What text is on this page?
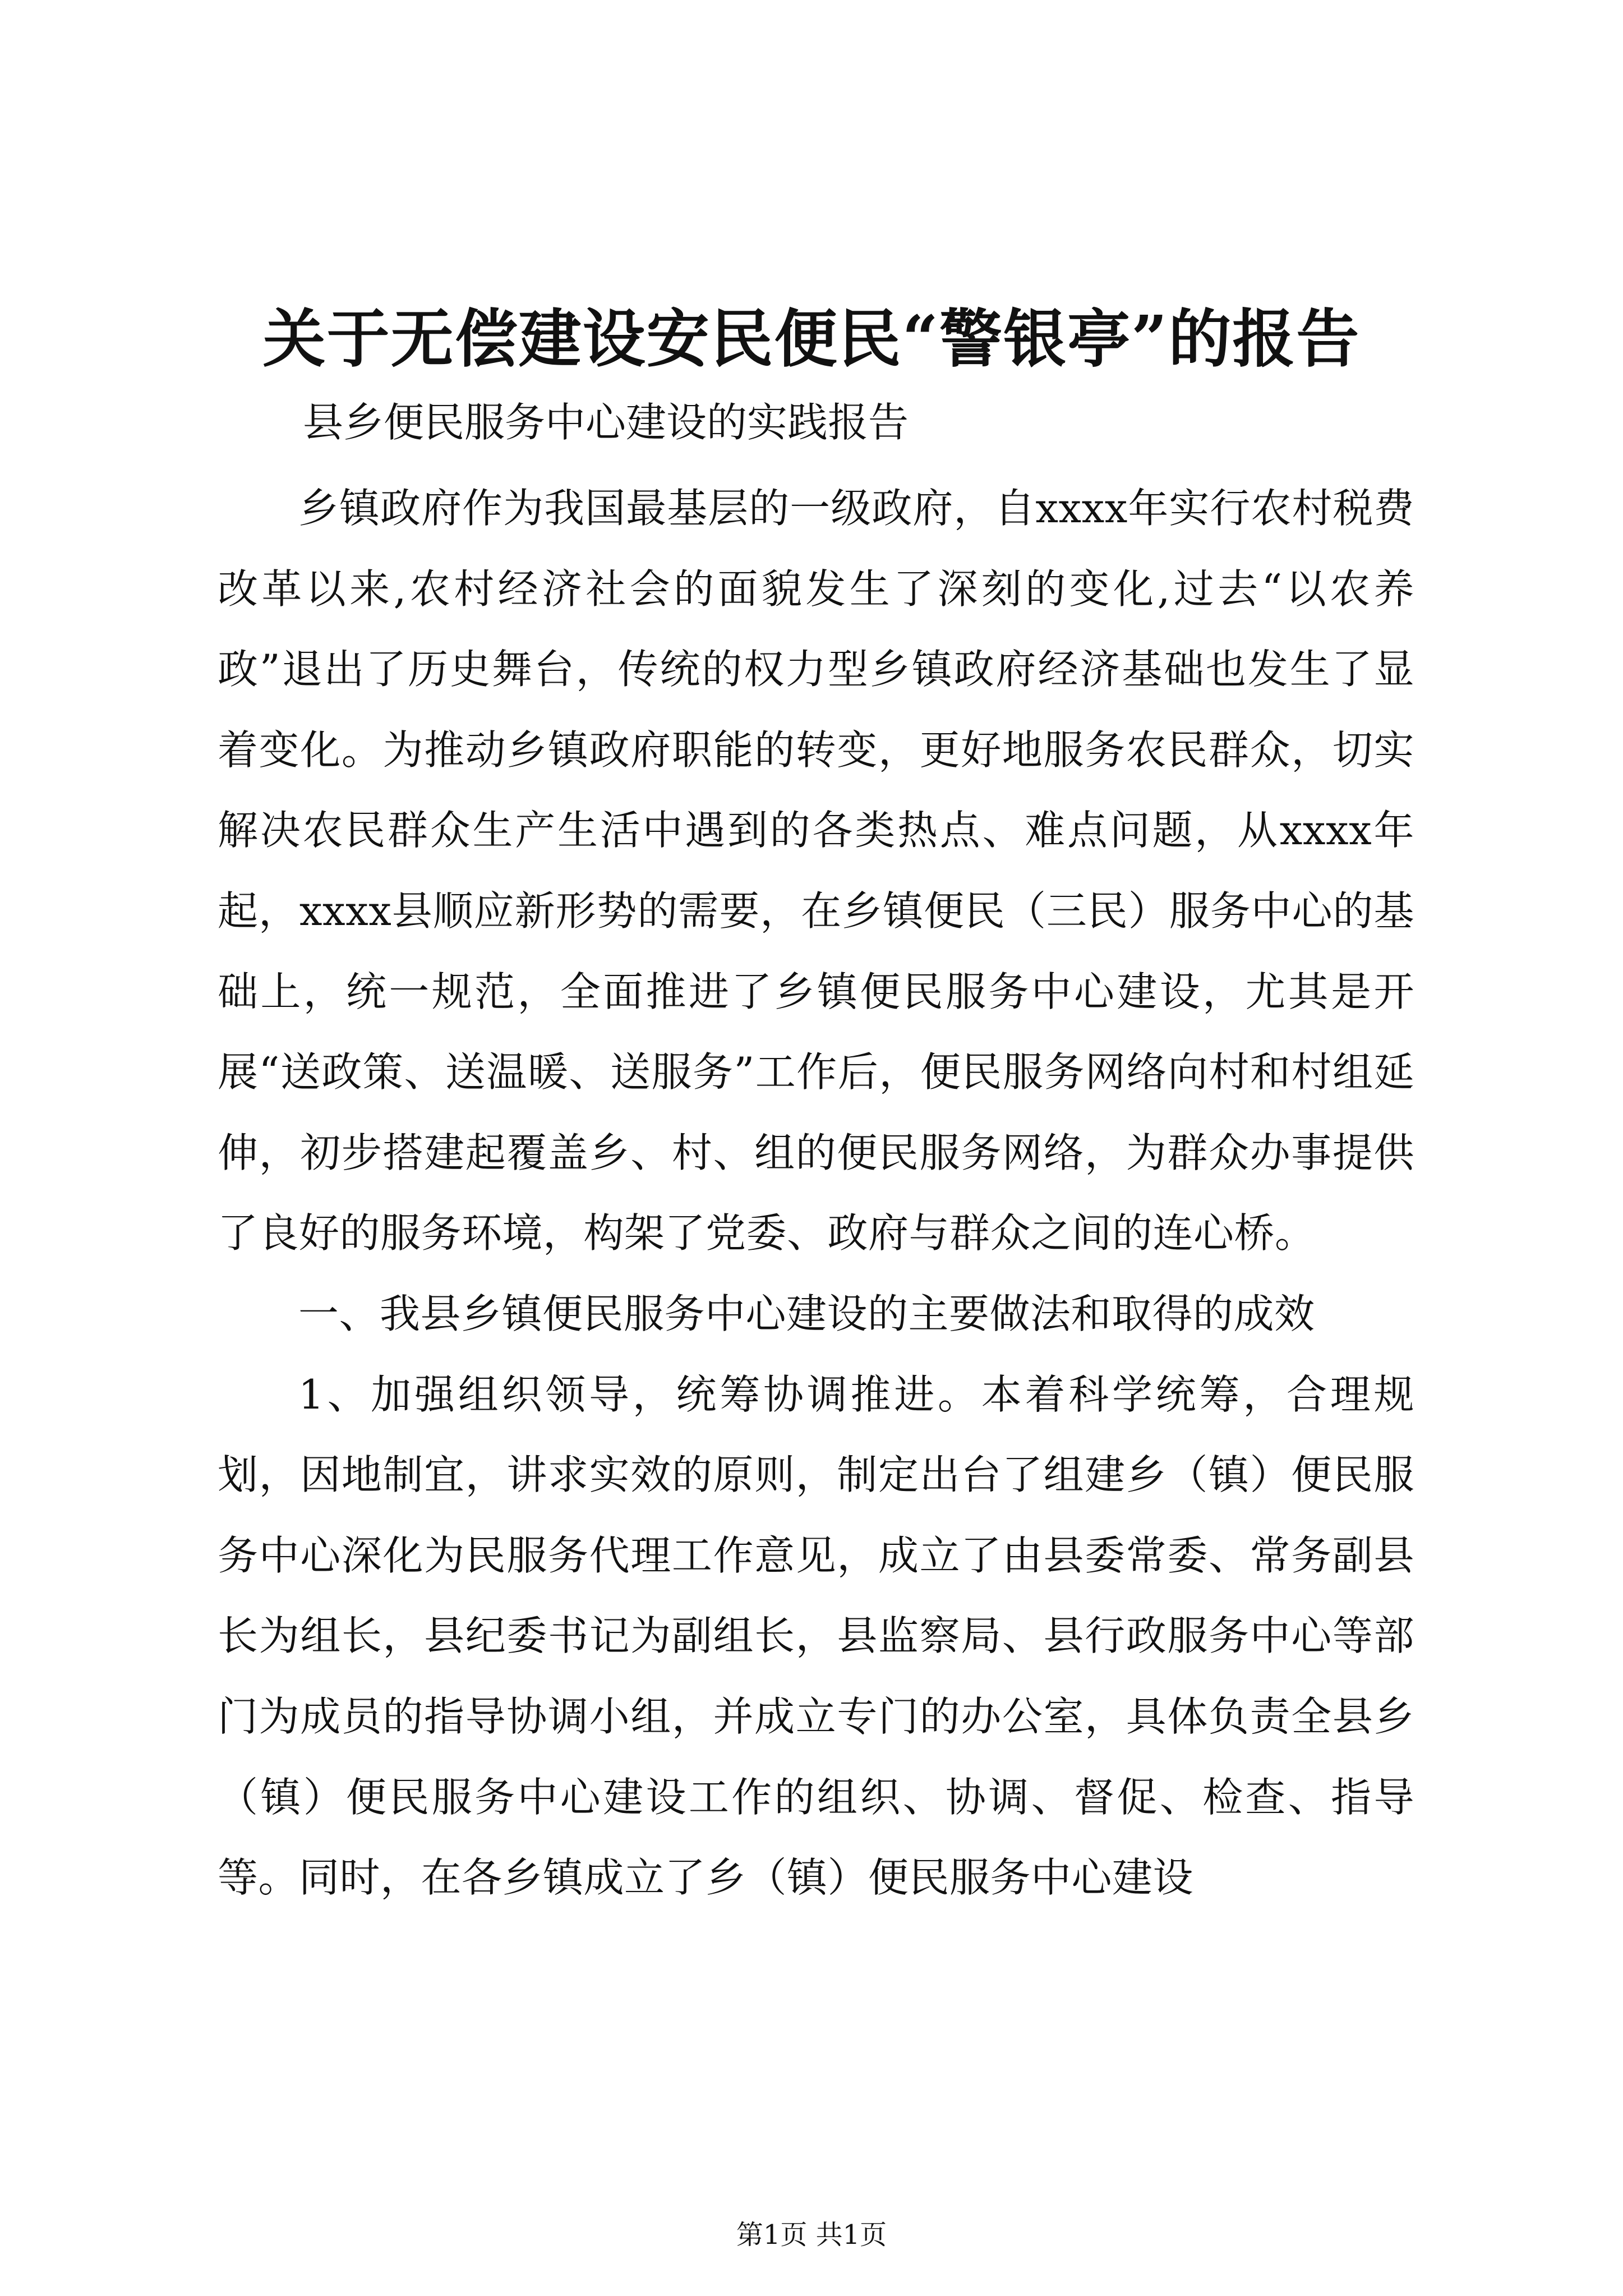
关于无偿建设安民便民“警银亭”的报告
县乡便民服务中心建设的实践报告

乡镇政府作为我国最基层的一级政府，自xxxx年实行农村税费改革以来,农村经济社会的面貌发生了深刻的变化,过去“以农养政”退出了历史舞台，传统的权力型乡镇政府经济基础也发生了显着变化。为推动乡镇政府职能的转变，更好地服务农民群众，切实解决农民群众生产生活中遇到的各类热点、难点问题，从xxxx年起，xxxx县顺应新形势的需要，在乡镇便民（三民）服务中心的基础上，统一规范，全面推进了乡镇便民服务中心建设，尤其是开展“送政策、送温暖、送服务”工作后，便民服务网络向村和村组延伸，初步搭建起覆盖乡、村、组的便民服务网络，为群众办事提供了良好的服务环境，构架了党委、政府与群众之间的连心桥。

一、我县乡镇便民服务中心建设的主要做法和取得的成效

1、加强组织领导，统筹协调推进。本着科学统筹，合理规划，因地制宜，讲求实效的原则，制定出台了组建乡（镇）便民服务中心深化为民服务代理工作意见，成立了由县委常委、常务副县长为组长，县纪委书记为副组长，县监察局、县行政服务中心等部门为成员的指导协调小组，并成立专门的办公室，具体负责全县乡（镇）便民服务中心建设工作的组织、协调、督促、检查、指导等。同时，在各乡镇成立了乡（镇）便民服务中心建设

第1页 共1页
